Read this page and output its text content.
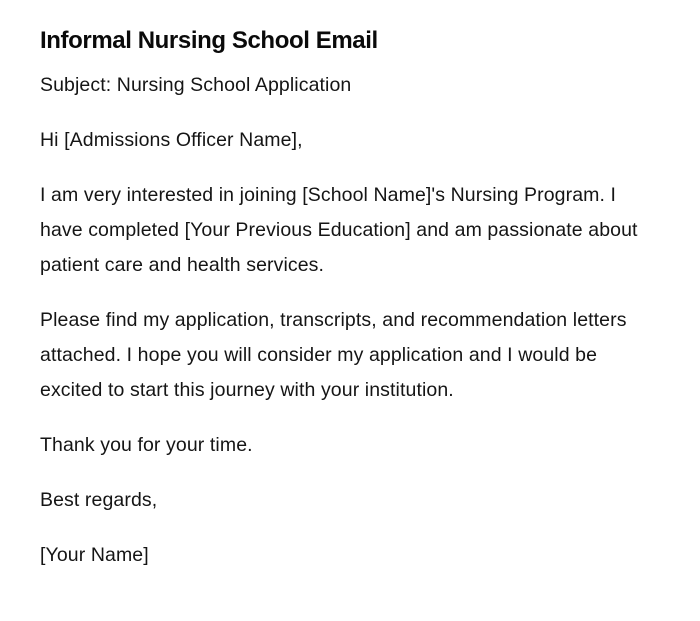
Informal Nursing School Email

Subject: Nursing School Application

Hi [Admissions Officer Name],

I am very interested in joining [School Name]'s Nursing Program. I have completed [Your Previous Education] and am passionate about patient care and health services.

Please find my application, transcripts, and recommendation letters attached. I hope you will consider my application and I would be excited to start this journey with your institution.

Thank you for your time.

Best regards,

[Your Name]
